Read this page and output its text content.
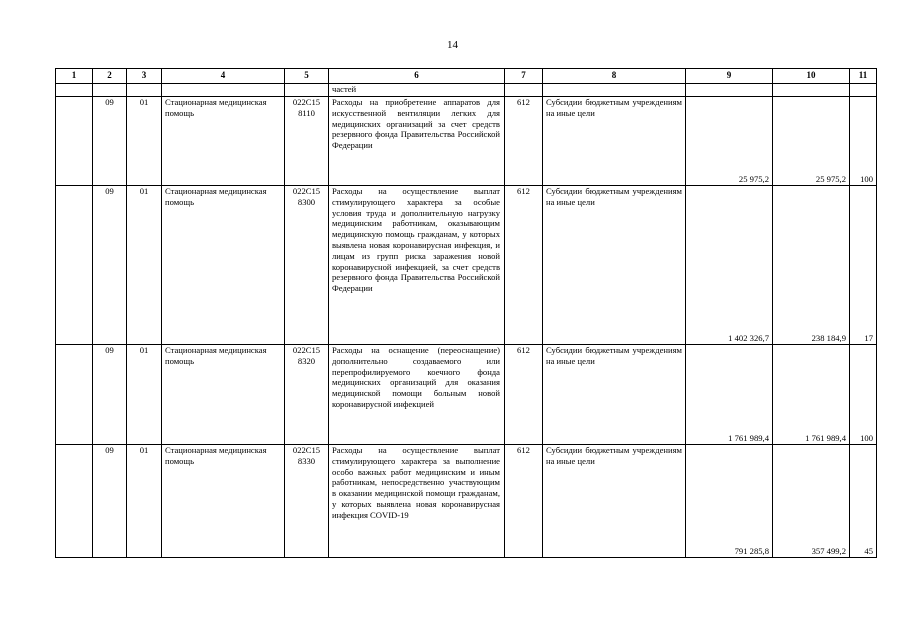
14
1	2	3	4	5	6	7	8	9	10	11
					частей					
	09	01	Стационарная медицинская помощь	022С15 8110	Расходы на приобретение аппаратов для искусственной вентиляции легких для медицинских организаций за счет средств резервного фонда Правительства Российской Федерации	612	Субсидии бюджетным учреждениям на иные цели	25 975,2	25 975,2	100
	09	01	Стационарная медицинская помощь	022С15 8300	Расходы на осуществление выплат стимулирующего характера за особые условия труда и дополнительную нагрузку медицинским работникам, оказывающим медицинскую помощь гражданам, у которых выявлена новая коронавирусная инфекция, и лицам из групп риска заражения новой коронавирусной инфекцией, за счет средств резервного фонда Правительства Российской Федерации	612	Субсидии бюджетным учреждениям на иные цели	1 402 326,7	238 184,9	17
	09	01	Стационарная медицинская помощь	022С15 8320	Расходы на оснащение (переоснащение) дополнительно создаваемого или перепрофилируемого коечного фонда медицинских организаций для оказания медицинской помощи больным новой коронавирусной инфекцией	612	Субсидии бюджетным учреждениям на иные цели	1 761 989,4	1 761 989,4	100
	09	01	Стационарная медицинская помощь	022С15 8330	Расходы на осуществление выплат стимулирующего характера за выполнение особо важных работ медицинским и иным работникам, непосредственно участвующим в оказании медицинской помощи гражданам, у которых выявлена новая коронавирусная инфекция COVID-19	612	Субсидии бюджетным учреждениям на иные цели	791 285,8	357 499,2	45
